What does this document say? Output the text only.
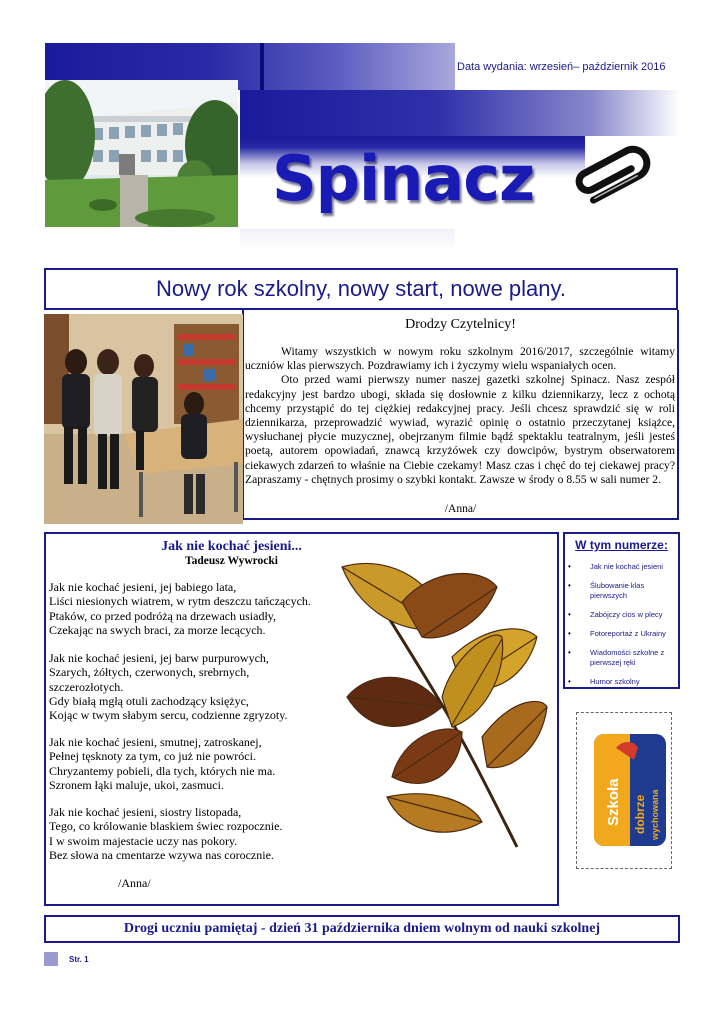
Data wydania: wrzesień– październik 2016
Spinacz
Nowy rok szkolny, nowy start, nowe plany.
Drodzy Czytelnicy!

Witamy wszystkich w nowym roku szkolnym 2016/2017, szczególnie witamy uczniów klas pierwszych. Pozdrawiamy ich i życzymy wielu wspaniałych ocen.

Oto przed wami pierwszy numer naszej gazetki szkolnej Spinacz. Nasz zespół redakcyjny jest bardzo ubogi, składa się dosłownie z kilku dziennikarzy, lecz z ochotą chcemy przystąpić do tej ciężkiej redakcyjnej pracy. Jeśli chcesz sprawdzić się w roli dziennikarza, przeprowadzić wywiad, wyrazić opinię o ostatnio przeczytanej książce, wysłuchanej płycie muzycznej, obejrzanym filmie bądź spektaklu teatralnym, jeśli jesteś poetą, autorem opowiadań, znawcą krzyżówek czy dowcipów, bystrym obserwatorem ciekawych zdarzeń to właśnie na Ciebie czekamy! Masz czas i chęć do tej ciekawej pracy? Zapraszamy - chętnych prosimy o szybki kontakt. Zawsze w środy o 8.55 w sali numer 2.

/Anna/
Jak nie kochać jesieni...
Tadeusz Wywrocki
Jak nie kochać jesieni, jej babiego lata,
Liści niesionych wiatrem, w rytm deszczu tańczących.
Ptaków, co przed podróżą na drzewach usiadły,
Czekając na swych braci, za morze lecących.
Jak nie kochać jesieni, jej barw purpurowych,
Szarych, żółtych, czerwonych, srebrnych, szczerozłotych.
Gdy białą mgłą otuli zachodzący księżyc,
Kojąc w twym słabym sercu, codzienne zgryzoty.
Jak nie kochać jesieni, smutnej, zatroskanej,
Pełnej tęsknoty za tym, co już nie powróci.
Chryzantemy pobieli, dla tych, których nie ma.
Szronem łąki maluje, ukoi, zasmuci.
Jak nie kochać jesieni, siostry listopada,
Tego, co królowanie blaskiem świec rozpocznie.
I w swoim majestacie uczy nas pokory.
Bez słowa na cmentarze wzywa nas corocznie.
/Anna/
W tym numerze:
• Jak nie kochać jesieni
• Ślubowanie klas pierwszych
• Zabójczy cios w plecy
• Fotoreportaż z Ukrainy
• Wiadomości szkolne z pierwszej ręki
• Humor szkolny
Szkoła dobrze wychowana
Drogi uczniu pamiętaj - dzień 31 października dniem wolnym od nauki szkolnej
Str. 1
